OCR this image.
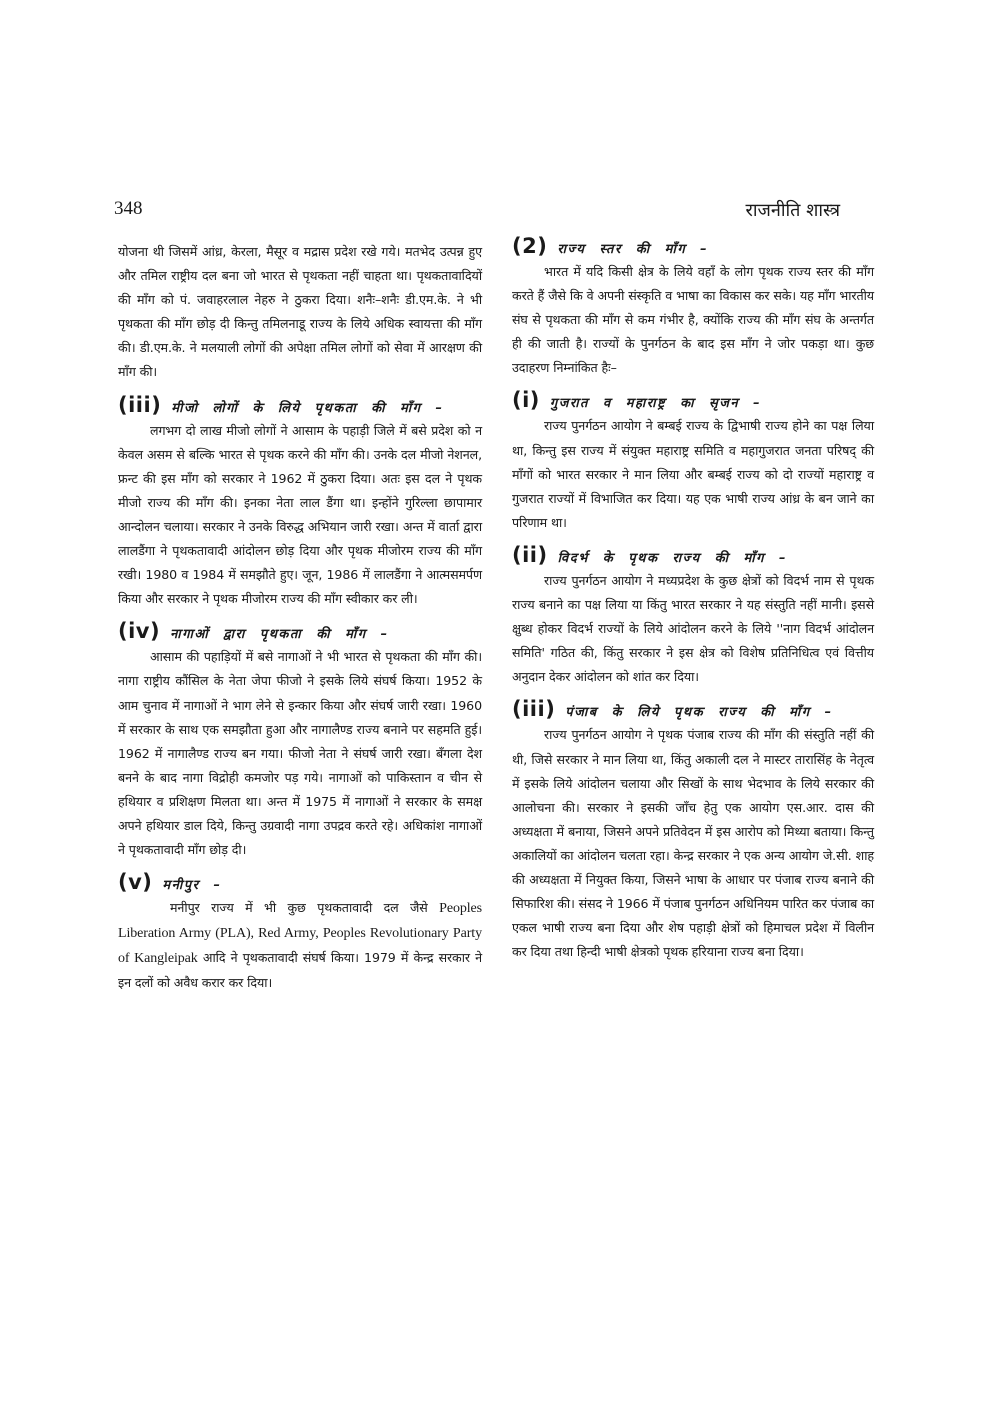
348	राजनीति शास्त्र

योजना थी जिसमें आंध्र, केरला, मैसूर व मद्रास प्रदेश रखे गये। मतभेद उत्पन्न हुए और तमिल राष्ट्रीय दल बना जो भारत से पृथकता नहीं चाहता था। पृथकतावादियों की माँग को पं. जवाहरलाल नेहरु ने ठुकरा दिया। शनैः–शनैः डी.एम.के. ने भी पृथकता की माँग छोड़ दी किन्तु तमिलनाडू राज्य के लिये अधिक स्वायत्ता की माँग की। डी.एम.के. ने मलयाली लोगों की अपेक्षा तमिल लोगों को सेवा में आरक्षण की माँग की।

(iii) मीजो लोगों के लिये पृथकता की माँग –

लगभग दो लाख मीजो लोगों ने आसाम के पहाड़ी जिले में बसे प्रदेश को न केवल असम से बल्कि भारत से पृथक करने की माँग की। उनके दल मीजो नेशनल, फ्रन्ट की इस माँग को सरकार ने 1962 में ठुकरा दिया। अतः इस दल ने पृथक मीजो राज्य की माँग की। इनका नेता लाल डैंगा था। इन्होंने गुरिल्ला छापामार आन्दोलन चलाया। सरकार ने उनके विरुद्ध अभियान जारी रखा। अन्त में वार्ता द्वारा लालडैंगा ने पृथकतावादी आंदोलन छोड़ दिया और पृथक मीजोरम राज्य की माँग रखी। 1980 व 1984 में समझौते हुए। जून, 1986 में लालडैंगा ने आत्मसमर्पण किया और सरकार ने पृथक मीजोरम राज्य की माँग स्वीकार कर ली।

(iv) नागाओं द्वारा पृथकता की माँग –

आसाम की पहाड़ियों में बसे नागाओं ने भी भारत से पृथकता की माँग की। नागा राष्ट्रीय कौंसिल के नेता जेपा फीजो ने इसके लिये संघर्ष किया। 1952 के आम चुनाव में नागाओं ने भाग लेने से इन्कार किया और संघर्ष जारी रखा। 1960 में सरकार के साथ एक समझौता हुआ और नागालैण्ड राज्य बनाने पर सहमति हुई। 1962 में नागालैण्ड राज्य बन गया। फीजो नेता ने संघर्ष जारी रखा। बँगला देश बनने के बाद नागा विद्रोही कमजोर पड़ गये। नागाओं को पाकिस्तान व चीन से हथियार व प्रशिक्षण मिलता था। अन्त में 1975 में नागाओं ने सरकार के समक्ष अपने हथियार डाल दिये, किन्तु उग्रवादी नागा उपद्रव करते रहे। अधिकांश नागाओं ने पृथकतावादी माँग छोड़ दी।

(v) मनीपुर –

मनीपुर राज्य में भी कुछ पृथकतावादी दल जैसे Peoples Liberation Army (PLA), Red Army, Peoples Revolutionary Party of Kangleipak आदि ने पृथकतावादी संघर्ष किया। 1979 में केन्द्र सरकार ने इन दलों को अवैध करार कर दिया।

(2) राज्य स्तर की माँग –

भारत में यदि किसी क्षेत्र के लिये वहाँ के लोग पृथक राज्य स्तर की माँग करते हैं जैसे कि वे अपनी संस्कृति व भाषा का विकास कर सके। यह माँग भारतीय संघ से पृथकता की माँग से कम गंभीर है, क्योंकि राज्य की माँग संघ के अन्तर्गत ही की जाती है। राज्यों के पुनर्गठन के बाद इस माँग ने जोर पकड़ा था। कुछ उदाहरण निम्नांकित हैः–

(i) गुजरात व महाराष्ट्र का सृजन –

राज्य पुनर्गठन आयोग ने बम्बई राज्य के द्विभाषी राज्य होने का पक्ष लिया था, किन्तु इस राज्य में संयुक्त महाराष्ट्र समिति व महागुजरात जनता परिषद् की माँगों को भारत सरकार ने मान लिया और बम्बई राज्य को दो राज्यों महाराष्ट्र व गुजरात राज्यों में विभाजित कर दिया। यह एक भाषी राज्य आंध्र के बन जाने का परिणाम था।

(ii) विदर्भ के पृथक राज्य की माँग –

राज्य पुनर्गठन आयोग ने मध्यप्रदेश के कुछ क्षेत्रों को विदर्भ नाम से पृथक राज्य बनाने का पक्ष लिया या किंतु भारत सरकार ने यह संस्तुति नहीं मानी। इससे क्षुब्ध होकर विदर्भ राज्यों के लिये आंदोलन करने के लिये ''नाग विदर्भ आंदोलन समिति' गठित की, किंतु सरकार ने इस क्षेत्र को विशेष प्रतिनिधित्व एवं वित्तीय अनुदान देकर आंदोलन को शांत कर दिया।

(iii) पंजाब के लिये पृथक राज्य की माँग –

राज्य पुनर्गठन आयोग ने पृथक पंजाब राज्य की माँग की संस्तुति नहीं की थी, जिसे सरकार ने मान लिया था, किंतु अकाली दल ने मास्टर तारासिंह के नेतृत्व में इसके लिये आंदोलन चलाया और सिखों के साथ भेदभाव के लिये सरकार की आलोचना की। सरकार ने इसकी जाँच हेतु एक आयोग एस.आर. दास की अध्यक्षता में बनाया, जिसने अपने प्रतिवेदन में इस आरोप को मिथ्या बताया। किन्तु अकालियों का आंदोलन चलता रहा। केन्द्र सरकार ने एक अन्य आयोग जे.सी. शाह की अध्यक्षता में नियुक्त किया, जिसने भाषा के आधार पर पंजाब राज्य बनाने की सिफारिश की। संसद ने 1966 में पंजाब पुनर्गठन अधिनियम पारित कर पंजाब का एकल भाषी राज्य बना दिया और शेष पहाड़ी क्षेत्रों को हिमाचल प्रदेश में विलीन कर दिया तथा हिन्दी भाषी क्षेत्रको पृथक हरियाना राज्य बना दिया।
